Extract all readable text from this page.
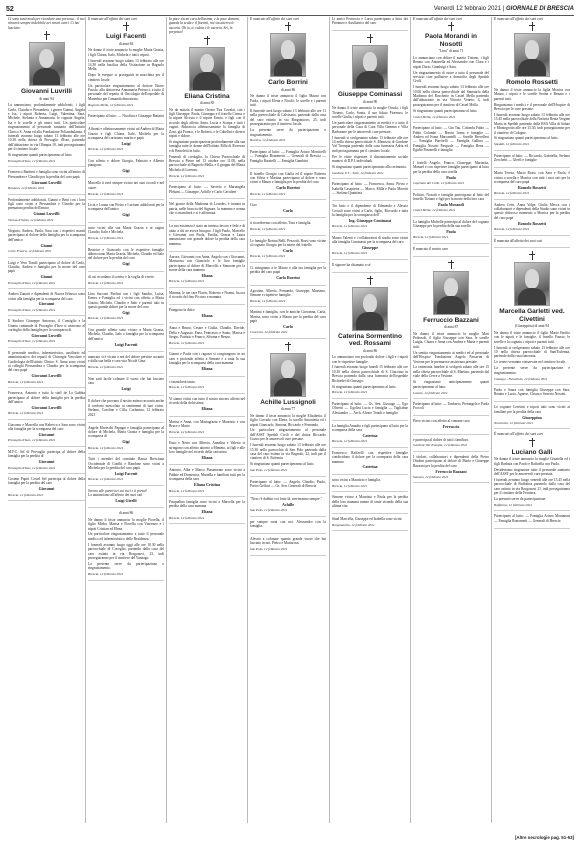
52	Venerdì 12 febbraio 2021 | GIORNALE DI BRESCIA
Ci sono tanti modi per ricordare una persona... il tuo rimarrà sempre indelebile nei nostri cuori. Ci hai lasciato:
Giovanni Luvrilli
di anni 94

La annunciano, profondamente addolorati, i figli Carlo, Claudio e Pierandrea, i generi Gianni, Angela e Isa, i nipoti Roberta, Luigi, Valentina, Sara, Michele, Stefania e Annamaria, le cognate Angela, Isa e le sorelle e gli amici tutti. Un particolare ringraziamento al personale sanitario dell'Istituto Clinico S. Anna ed alla Fondazione Poliambulanza. I funerali avranno luogo sabato 13 febbraio alle ore 10.30 nella chiesa di Provaglio d'Iseo, partendo dall'abitazione in via Olimpia 10, indi proseguiranno per il cimitero locale.

Si ringraziano quanti parteciperanno al lutto.

Provaglio d'Iseo, 12 febbraio 2021

Francesco Barbieri e famiglia sono vicini all'amico di Piersandrea e Claudio per la perdita del caro papà

Giovanni Luvrilli
Borzano, 12 febbraio 2021

Profondamente addolorati, Gianni e Betti con i loro figli sono vicini a Piersandrea e Claudio per la prematura perdita dell'amico

Gianni Luvrilli
Verona d'Oglio, 12 febbraio 2021

Virginia, Andrea, Paola, Sara con i rispettivi mariti partecipano al dolore della famiglia per la scomparsa dell'amico

Gianni
Corte Franca, 12 febbraio 2021

Luigi e Vera Tonoli partecipano al dolore di Carlo, Claudio, Andrea e famiglia per la morte del caro papà

Gianni
Provaglio d'Iseo, 12 febbraio 2021

Andrea Zanotti e dipendenti di Nuova Erbusco sono vicini alla famiglia per la scomparsa del caro

Giovanni
Provaglio d'Iseo, 12 febbraio 2021

Il Sindaco Giuseppe Amoroso, il Consiglio e la Giunta comunale di Provaglio d'Iseo si uniscono al cordoglio della famiglia per la scomparsa di

Giovanni Luvrilli
Provaglio d'Iseo, 12 febbraio 2021

Il personale medico, infermieristico, ausiliario ed amministrativo dei reparti di Chirurgia Vascolare e Cardiologia dell'Istituto Clinico S. Anna sono vicini ai colleghi Piersandrea e Claudio per la scomparsa del caro papà

Giovanni Luvrilli
Brescia, 12 febbraio 2021

Francesca, Antonio e tutto lo staff de La Gabbia partecipano al dolore della famiglia per la perdita dell'amico

Giovanni Luvrilli
Brescia, 12 febbraio 2021

Giacomo e Marcella con Rebecca e Sara sono vicini alla famiglia per la scomparsa del caro

Giovanni
Provaglio d'Iseo, 12 febbraio 2021

M.F.C. Sel di Provaglio partecipa al dolore della famiglia per la perdita di

Giovanni
Provaglio d'Iseo, 12 febbraio 2021

Cosimo Papiri Costel Sel partecipa al dolore della famiglia per la perdita del caro

Giovanni
Brescia, 12 febbraio 2021
Il mancato all'affetto dei suoi cari
Luigi Facenti
di anni 84

Ne danno il triste annuncio la moglie Maria Grazia, i figli Chiara, Italo, Michela e tutti i nipoti.

I funerali avranno luogo sabato 13 febbraio alle ore 14.30 nella basilica della Visitazione in Bagnolo Mella.

Dopo le esequie si proseguirà in macchina per il cimitero locale.

Un particolare ringraziamento al dottore Ettore Fasolo, alla dottoressa Annamaria Petrucci, a tutto il personale del reparto di Oncologia dell'ospedale di Manerbio per l'umanità dimostrata.

Bagnolo Mella, 12 febbraio 2021

Partecipano al lutto: — Nicolina e Giuseppe Battaini

Affranti e affettuosamente vicini ad Andrea di Maria Grazia e figli Chiara, Italo, Michela per la scomparsa del carissimo marito e papà

Luigi
Brescia, 12 febbraio 2021

Con affetto e dolore Giorgio, Fabrizio e Alberto piangono

Gigi

Marcella ti avrà sempre vicino nei suoi ricordi e nel cuore.

Brescia, 12 febbraio 2021

Licia e Luana con Pietro e Luciano addolorati per la scomparsa dell'amico

Gigi

sono vicini alla sua Maria Grazia e ai cugini Claudio, Italo e Michela.

Brescia, 12 febbraio 2021

Beatrice e Giancarlo con le rispettive famiglie abbracciano Maria Grazia, Michela, Claudio ed Italo nel dolore per la perdita del caro

Gigi

di cui ricordano il sorriso e la voglia di vivere.

Brescia, 12 febbraio 2021

Lina Sacconi Paolini con i figli Sandro, Luisa, Ermes e Famiglia ed i vicini con affetto a Maria Grazia, Michela, Claudio e Italo e parenti tutti in questo grande dolore per la morte del caro

Gigi
Brescia, 12 febbraio 2021

Con grande affetto sono vicino a Maria Grazia, Michela, Claudio, Italo e famiglia per la scomparsa dell'amico

Luigi Facenti

mancato sì è vicino a noi del dolore persiste accanto e dalla sua bella e cara vita Nicolé Gina.

Brescia, 12 febbraio 2021

Non sarà facile colmare il vuoto che hai lasciato caro

Luigi

Il dolore che provano il nostro animo racconta anche il conforto mescolato ai sentimenti di tuoi vicini. Stefano, Caroline e Cilla, Corbarina, 12 febbraio 2021

Angela Moreschi Papagni e famiglia partecipano al dolore di Michela, Maria Grazia e famiglia per la scomparsa di

Gigi
Brescia, 12 febbraio 2021

Tutti i membri del comitato Banca Bresciana Occidentale di Conflit e Randone sono vicini a Michela per la perdita del caro papà

Luigi Facenti
Brescia, 12 febbraio 2021
Sereno alle pareti nei sui voci e ti portai!

Lo annunciano all'affetto dei suoi cari

Luigi Girelli
di anni 86

Ne danno il triste annuncio la moglie Fiorella, il figlio Mirko, Marisa e Fiorella con Vincenzo e i nipoti Cristian ed Elena.

Un particolare ringraziamento a tutto il personale medico ed infermieristico delle Residenza.

I funerali avranno luogo oggi alle ore 10.30 nella parrocchiale di Cocoglio, partendo dalla casa del caro estinto in via Borgonovi, 23, indi proseguiranno per il cimitero del Vanzago.

La presente serve da partecipazione e ringraziamento.

Brescia, 12 febbraio 2021
In pace sia mi cara bellissima, e la pace donami, guarda la scala e il fiorenti, noi sia atterra le ascoria. Oh io, ti, valeta e le ascoria. Sei, in perpetuo!
Eliana Cristina
di anni 85

Ne da notizia il marito Oreste Tira Cavalai, con i figli Giuseppe, Paola, Giuseppa e il fratello Cirma, e la nipote Alcesta e il nipote Ennio, e figli con il ricordo degli affetto Anna, Lucia e Scarpa e tutti i cugini. Abbraccia affettuosamente la famiglia di Zoni, già Franco, e le Roberti, e le Cabelini e diversi nipoti e dolore.

Si ringraziano partecipazioni profondamente alla sua famiglia tutte le donne dell'Istituto Rilla di Rovezzo e di Bettoletti in lutto.

Funerali di cordoglio, la Chiesa Parrocchiale di Brescia a Pietre nel 13 ottobre ore 11.00, nella parrocchiale di Bagnolo Mella, e il gruppo del Maria Michela di Lorenzo.

Brescia, 12 febbraio 2021

Partecipano al lutto: — Saverio e Mariangela Plebani — Giuseppe, Achille e Carlo Cavalieri

Nel giorno della Madonna di Lourdes, è tornata in patria, nelle braccia del Signore, la mamma e nonna che ci mancherà e si è affermata.

La sua esistenza è stata un intenso lavoro e fede e di aiuto a chi ne aveva bisogno. I figli Paolo, Marcello e Giovanni con Paola, Emilia, Grazia e Laura annunciano con grande dolore la perdita della cara mamma.

Aurora, Giovanni con Anna, Angelo con i Giovanni, Mariarosa con Giancarlo e le loro famiglie partecipano al dolore di Marcello e Simeone per la morte della cara mamma

Eliana
Brescia, 12 febbraio 2021

Mimma, le tue care Flavio, Roberto e Noemi, ha ora il ricordo del fino Piccino e mamma.

Piangono la dolce

Eliana

Anna e Bruno, Cesare e Giulia, Claudio, Davide, Della e Augusto, Enea, Francesco e Santo, Marisa e Sergio, Patrizio e Franco, Silvana e Renzo.

Brescia, 12 febbraio 2021

Gianni e Paola con i ragazzi si congiungono in un caro e profondo affetto a Simone e a tutta la sua famiglia per la scomparsa della cara mamma

Eliana

ci mancherà tanto.

Brescia, 12 febbraio 2021

Vi siamo vicini con tutto il nostro sincero affetto nel ricordo della dolcissima

Eliana

Marisa e Anna, con Mariagrazia e Maurizio e con Bruce e Mario

Brescia, 12 febbraio 2021

Enzo e Nerio con Alberto, Annalisa e Valerio si stringono con affetto attorno a Mimmo, ai figli e alle loro famiglie nel ricordo della carissima

Eliana

Antonio, Alba e Marco Piasamonte sono vicini a Pabbie ed Domenica, Martella e familiari tutti per la scomparsa della cara

Eliana Cristina
Brescia, 12 febbraio 2021

Pasqualina famiglia sono vicini a Marcella per la perdita della cara mamma

Eliana
Brescia, 12 febbraio 2021
È mancato all'affetto dei suoi cari
Carlo Borrini
di anni 86

Ne danno il triste annuncio il figlio Mauro con Paola, i nipoti Elena e Nicolò, le sorelle e i parenti tutti.

Il funerale avrà luogo sabato 13 febbraio alle ore 11 nella parrocchiale di Calvisano, partendo dalla casa del caro estinto in via Borgonuovo, 25, indi proseguiranno per il cimitero locale.

La presente serve da partecipazione e ringraziamento.

Borsica, 12 febbraio 2021

Partecipano al lutto: — Famiglia Arturo Monticelli — Famiglia Bonometti — Generali di Brescia — Famiglia Baratelli — Famiglia Gambini

Il fratello Giorgio con Giulia ed il nipote Roberto con Silvia e Martina partecipano al dolore e sono vicini a Mauro e famiglia per la perdita del caro

Carlo Borrini
Brescia, 12 febbraio 2021

Ciao

Carlo

ti ricorderemo con affetto. Tina e famiglia.

Brescia, 12 febbraio 2021

Le famiglie Borina Belli, Pezzotti, Rossi sono vicine al cognato Giorgio per la morte del fratello

Carlo
Brescia, 12 febbraio 2021

Ci stringiamo a te Mauro e alla tua famiglia per la perdita del caro papà

Carlo Borrini

Agostino, Alberto, Fernando, Giuseppe, Massimo, Simone e rispettive famiglie.

Brescia, 12 febbraio 2021

Martino e famiglia, con le amiche Giovanna, Carla, Marisa, sono vicini a Mauro per la perdita del caro papà

Carlo
Concesio, 12 febbraio 2021
Achille Lussignoli
di anni 77

Ne danno il triste annuncio la moglie Elisabetta, il figlio Corrado con Elena, la sorella Antonietta ed i nipoti Giancarlo, Simona, Riccardo e Fernanda.

Un particolare ringraziamento al personale dell'ASST Spedali Civili e del dottor Riccardo Gozzo per le amorevoli cure prestate.

I funerali avranno luogo sabato 13 febbraio alle ore 15.30 nella parrocchia di San Polo partendo dalla casa del caro estinto in via Bagnolo, 22, indi per il cimitero di S. Eufemia.

Si ringraziano quanti parteciperanno al lutto.

San Polo, 12 febbraio 2021

Partecipano al lutto: — Angelo, Claudio, Paolo, Pietro Gelfosi — Gs. Sen. Generali di Brescia

"Non c'è dubbio voi foste là, rinvieranno sempre."

Achille
San Polo, 12 febbraio 2021

per sempre sarai con noi. Alessandro con la famiglia.

Alessio a colonare quanto grande vuoto che hai lasciato in noi. Pietro e Mariarosa.

San Polo, 12 febbraio 2021

Li amici Ferruccio e Lucia partecipano a lutto dei Pireanzo e Ausiliatrici del caro

Giuseppe Cominassi
di anni 90

Ne danno il triste annuncio la moglie Orsola, i figli Tiziano, Carlo, Sonia, il suo fidato Fiorenzo, le sorelle Giulia, i nipoti e parenti tutti.

Un particolare ringraziamento ai medici e a tutto il personale della Casa di Cura Villa Gemma e Villa Barbarano per le amorevoli cure prestate.

I funerali si svolgeranno sabato 13 febbraio alle ore 14 nella chiesa parrocchiale S. Maurizio di Gardone Val Trompia partendo dalla casa funeraria Adria ed indi proseguiranno per il cimitero locale.

Per le visite rispettare il distanziamento sociale munirsi di D.P.I. individuali.

Si ringraziano quanti parteciperanno alla cerimonia.

Gardone V.T. - Salò, 12 febbraio 2021

Partecipano al lutto: — Francesca, Anna, Pietro e Isabella Casapietra — Marco, Milla e Paolo Moretti — Stefano Quattrina

Tra lutto e il dipendente di Edmondo e Alessio Cossali sono vicini a Carlo, figlio, Riccardo e tutta la famiglia per la scomparsa dell'

Ing. Giuseppe Cominassi
Brescia, 12 febbraio 2021

Mauro Valenti e i collaboratori di studio sono vicini alla famiglia Cominassi per la scomparsa del caro

Giuseppe
Brescia, 12 febbraio 2021

Il signore ha chiamato a sé

Caterina Sormentino ved. Rossami
di anni 86

Lo annunciano con profondo dolore i figli e i nipoti con le rispettive famiglie.

I funerali avranno luogo lunedì 15 febbraio alle ore 10.30 nella chiesa parrocchiale di S. Giacomo in Brescia partendo dalla casa funeraria dell'ospedale Richiedei di Gussago.

Si ringraziano quanti parteciperanno al lutto.

Brescia, 12 febbraio 2021

Partecipano al lutto: — Gs. Sen. Gussago — Ugo Olivetti — Ugolini Lucia e famiglia — Tagliabue Alessandro — Arch. Alvaro Tonoli e famiglia

La famiglia Amadio e figli partecipano al lutto per la scomparsa della cara

Caterina
Brescia, 12 febbraio 2021

Francesco Raffaelli con rispettive famiglie condividono il dolore per la scomparsa della cara mamma

Caterina

sono vicini a Maurizio e famiglia.

Brescia, 12 febbraio 2021

Simone vicino a Maurizio e Paola per la perdita della loro mamma nonno di tante vicende della sua ultima vita

Sinal Marcella, Giuseppe ed Isabella sono vicini

Borgosatollo, 12 febbraio 2021
È mancata all'affetto dei suoi cari
Paola Morandi in Nosotti
"Lina" di anni 71

Lo annunciano con dolore il marito Tiziano, i figli Renato con Antonella ed Alessandro con Clara e i nipoti Dario, Gianluigi e Sara.

Un ringraziamento di cuore a tutto il personale del servizio cure palliative a domicilio degli Spedali Civili.

I funerali avranno luogo sabato 13 febbraio alle ore 10.00 nella chiesa parrocchiale del Santuario della Madonna del Boschetto in Castel Mella partendo dall'abitazione in via Vittorio Veneto, 4, indi proseguiranno per il cimitero di Castel Mella.

Si ringraziano quanti parteciperanno al lutto.

Castel Mella, 12 febbraio 2021

Partecipano al lutto: — Gin Tau, Colombi Fabio — Fabio Colombi — Barosi Ivana e famiglie — Andrea ed Ivana Marcantelli — Sorelle Bercellesi — Famiglia Piacitelli — Famiglia Gallina — Famiglia Nosotti Pasquale — Famiglia Bena — Egidio Pizzarelli e famiglia

I fratelli Angelo, Franco, Giuseppe, Mariarita, Manuel e con rispettive famiglie partecipano al lutto per la perdita della cara sorella

Paola
Capriano del Colle, 12 febbraio 2021

Politico, Nosotti e famiglia partecipano al lutto del fratello Tiziano e figli per la morte della loro cara

Paola Morandi
Castel Mella, 12 febbraio 2021

La famiglia Michelle partecipa al dolore del cognato Giuseppe per la perdita della sua sorella

Paola
Brescia, 12 febbraio 2021

È mancato il nostro caro

Ferruccio Bazzani
di anni 87

Ne danno il triste annuncio la moglie Mari Pedersoli, il figlio Giuseppe con Sara, le sorelle Luigia, Chiara e Anna con Andrea e Marta e parenti tutti.

Un sentito ringraziamento ai medici ed al personale dell'Hospice Fondazione Angelo Passerini di Vestone per le premurose assistenza prestate.

La cerimonia funebre si svolgerà sabato alle ore 15 nella chiesa parrocchiale di S. Martino, partendo dal viale della Cerve a Vestone.

Si ringraziano anticipatamente quanti parteciperanno al lutto.

Lonato, 12 febbraio 2021

Partecipano al lutto: — Umberto, Pierangela e Paola Foccoli

Piero vicino con affetto al comune caro

Ferruccio

e partecipa al dolore di tutti i familiari.

Gardone Val Trompia, 12 febbraio 2021

I titolari, collaboratori e dipendenti della Pietro Ottolini partecipano al dolore di Mario e Giuseppe Bazzani per la perdita del caro

Ferruccio Bazzani
Sarezzo, 12 febbraio 2021
È mancato all'affetto dei suoi cari
Romolo Rossetti

Ne danno il triste annuncio la figlia Monica con Mauro, i nipoti e le sorelle Serina e Renata e i parenti tutti.

Ringraziamo i medici e il personale dell'Hospice di Brescia per le cure prestate.

I funerali avranno luogo sabato 13 febbraio alle ore 15.45 nella parrocchiale della Natività Beata Vergine Maria in Spedali partendo dalla RSA Villa di Salute e Montegrotto alle ore 13.30, indi proseguiranno per il cimitero di Cologne.

Si ringraziano quanti parteciperanno al lutto.

Spedali, 12 febbraio 2021

Partecipano al lutto: — Riccardo, Gabriella, Stefano Zecchetti — Gleeli e famiglie

Maria Teresa, Mario Rossi, con Sara e Paola, è vicina a sorella e Monica con tutti i suoi cari per la scomparsa del caro papà

Romolo Rossetti
Brescia, 12 febbraio 2021

Andrea Cerri, Anna Volpe, Giulia Mecca con i collaboratori e dipendenti della Studio sono vicini in questo doloroso momento a Monica per la perdita del caro papà

Romolo Rossetti
Brescia, 12 febbraio 2021

È mancata all'affetto dei suoi cari

Marcella Garletti ved. Civettini
(Giuseppina) di anni 94

Ne danno il triste annuncio il figlio Mario Emilio con le nipoti e le famiglie, il fratello Fausto, le sorelle e la cognata, i nipoti e parenti tutti.

I funerali si svolgeranno sabato 13 febbraio alle ore 10 nella chiesa parrocchiale di Sant'Eufemia, partendo dalla casa funeraria.

Le ceneri verranno conservate nel cimitero locale.

La presente serve da partecipazione e ringraziamento.

Cazzago - Nuvolento, 12 febbraio 2021

Paolo e Saura con famiglia Giuseppe con Sara, Renato e Lucia, Agnese, Chiara e Saverio Nosotti.

Le cognate Ceresini e nipoti tutti sono vicini ai familiari per la perdita della cara

Giuseppina
Nuvolento, 12 febbraio 2021
È mancato all'affetto dei suoi cari
Luciano Galli

Ne danno il triste annuncio la moglie Graziella ed i figli Barbara con Paolo e Raffaella con Paolo.

Desideriamo ringraziare tutto il personale sanitario dell'ASST per le amorevoli cure prestate.

I funerali avranno luogo venerdì alle ore 15.45 nella parrocchiale di Buffalora partendo dalla casa del caro estinto in via Borgonovi 21, indi proseguiranno per il cimitero della Frontera.

La presente serve da partecipazione.

Buffalora, 12 febbraio 2021

Partecipano al lutto: — Famiglia Arturo Montanari — Famiglia Bonometti — Generali di Brescia

[Altre necrologie pag. 51-53]
